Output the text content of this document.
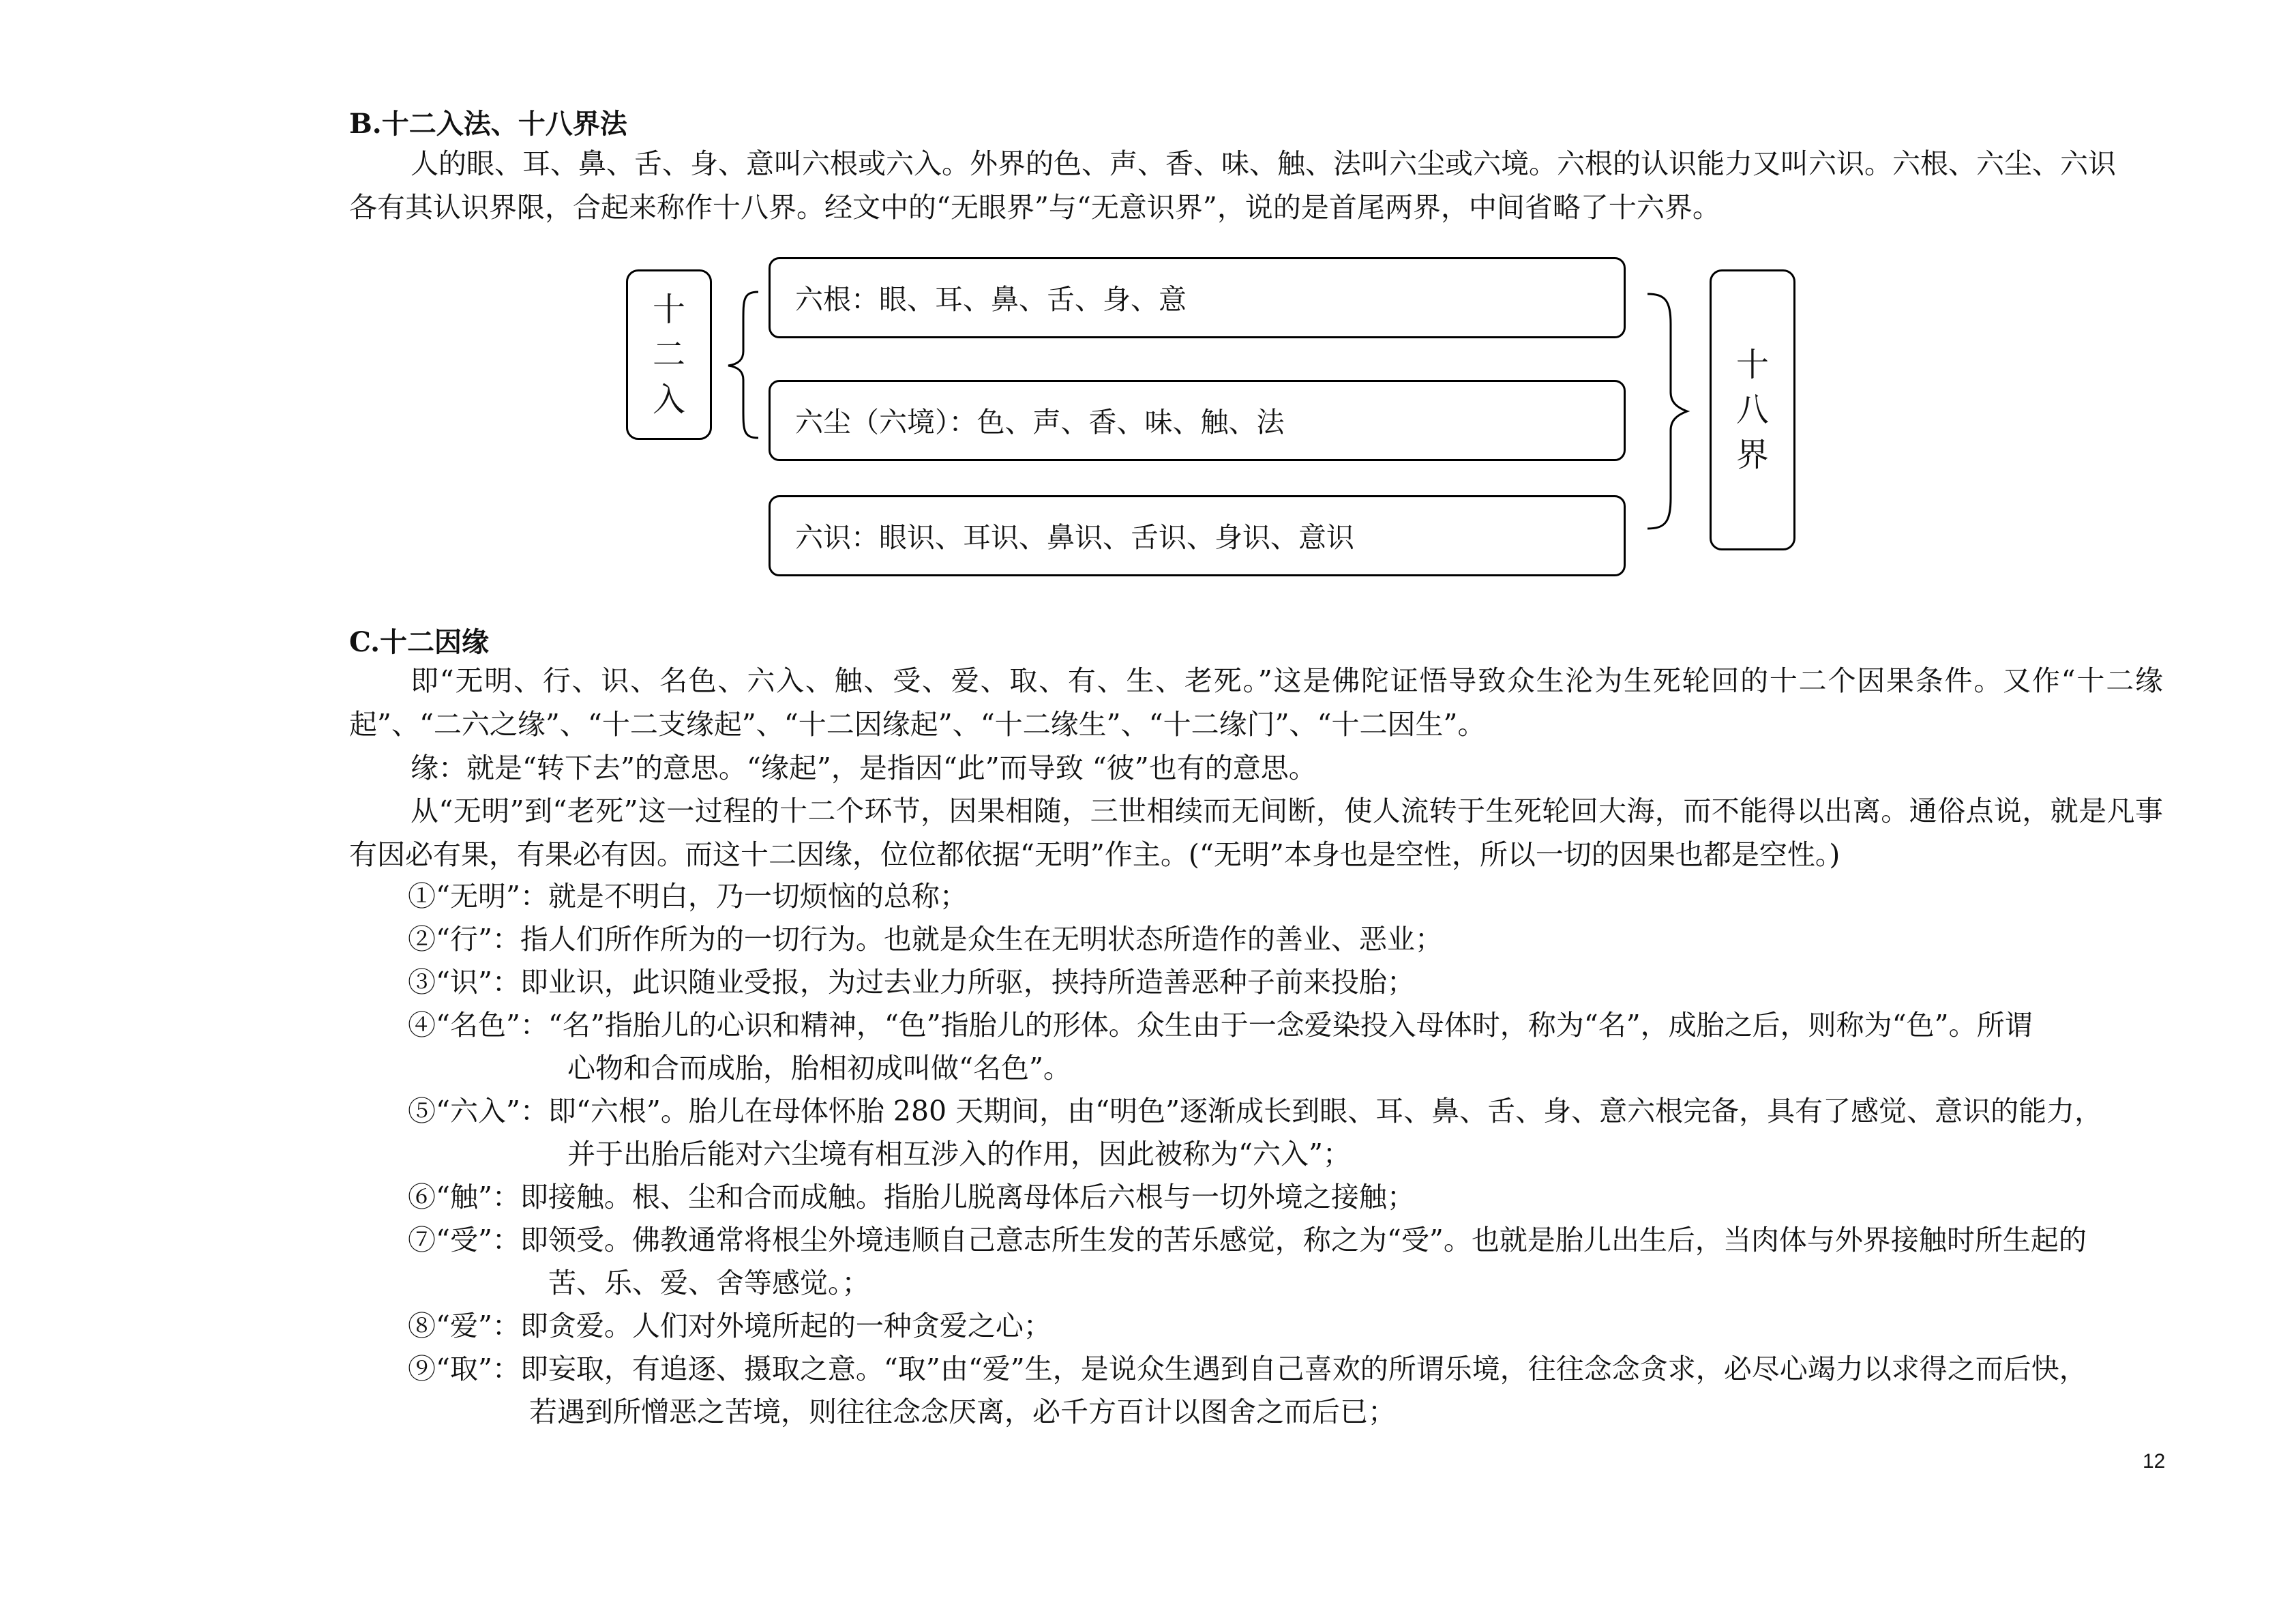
B.十二入法、十八界法
人的眼、耳、鼻、舌、身、意叫六根或六入。外界的色、声、香、味、触、法叫六尘或六境。六根的认识能力又叫六识。六根、六尘、六识
各有其认识界限，合起来称作十八界。经文中的“无眼界”与“无意识界”，说的是首尾两界，中间省略了十六界。
十
二
入
六根：眼、耳、鼻、舌、身、意
六尘（六境）：色、声、香、味、触、法
六识：眼识、耳识、鼻识、舌识、身识、意识
十
八
界
C.十二因缘
即“无明、行、识、名色、六入、触、受、爱、取、有、生、老死。”这是佛陀证悟导致众生沦为生死轮回的十二个因果条件。又作“十二缘起”、“二六之缘”、“十二支缘起”、“十二因缘起”、“十二缘生”、“十二缘门”、“十二因生”。
缘：就是“转下去”的意思。“缘起”，是指因“此”而导致 “彼”也有的意思。
从“无明”到“老死”这一过程的十二个环节，因果相随，三世相续而无间断，使人流转于生死轮回大海，而不能得以出离。通俗点说，就是凡事有因必有果，有果必有因。而这十二因缘，位位都依据“无明”作主。(“无明”本身也是空性，所以一切的因果也都是空性。)
①“无明”：就是不明白，乃一切烦恼的总称；
②“行”：指人们所作所为的一切行为。也就是众生在无明状态所造作的善业、恶业；
③“识”：即业识，此识随业受报，为过去业力所驱，挟持所造善恶种子前来投胎；
④“名色”：“名”指胎儿的心识和精神，“色”指胎儿的形体。众生由于一念爱染投入母体时，称为“名”，成胎之后，则称为“色”。所谓
心物和合而成胎，胎相初成叫做“名色”。
⑤“六入”：即“六根”。胎儿在母体怀胎 280 天期间，由“明色”逐渐成长到眼、耳、鼻、舌、身、意六根完备，具有了感觉、意识的能力，
并于出胎后能对六尘境有相互涉入的作用，因此被称为“六入”；
⑥“触”：即接触。根、尘和合而成触。指胎儿脱离母体后六根与一切外境之接触；
⑦“受”：即领受。佛教通常将根尘外境违顺自己意志所生发的苦乐感觉，称之为“受”。也就是胎儿出生后，当肉体与外界接触时所生起的
苦、乐、爱、舍等感觉。；
⑧“爱”：即贪爱。人们对外境所起的一种贪爱之心；
⑨“取”：即妄取，有追逐、摄取之意。“取”由“爱”生，是说众生遇到自己喜欢的所谓乐境，往往念念贪求，必尽心竭力以求得之而后快，
若遇到所憎恶之苦境，则往往念念厌离，必千方百计以图舍之而后已；
12
